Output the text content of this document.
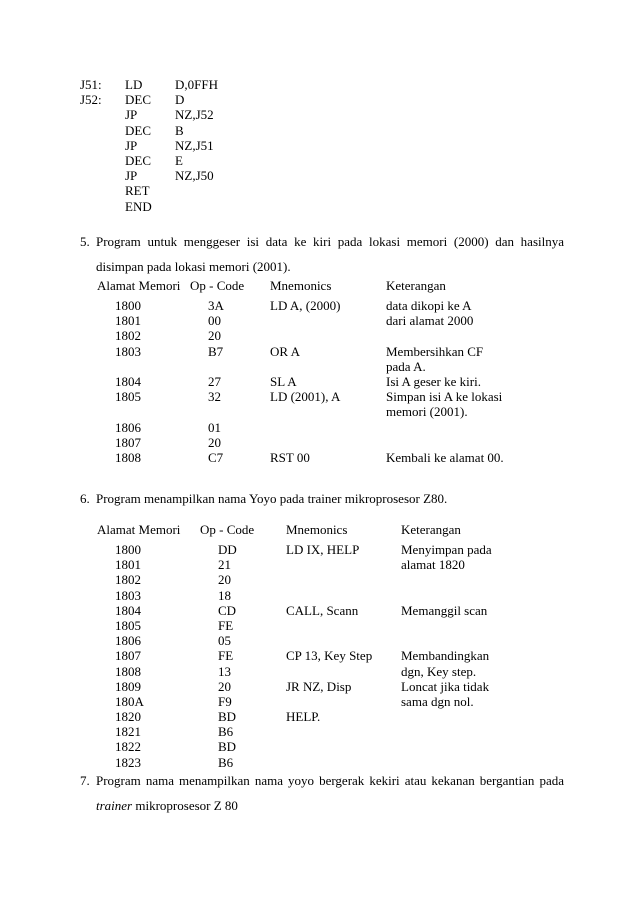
J51:
J52:
LD
DEC
JP
DEC
JP
DEC
JP
RET
END
D,0FFH
D
NZ,J52
B
NZ,J51
E
NZ,J50
5. Program untuk menggeser isi data ke kiri pada lokasi memori (2000) dan hasilnya
disimpan pada lokasi memori (2001).
Alamat Memori Op - Code Mnemonics	Keterangan
1800
1801
1802
1803
1804
1805
1806
1807
1808
3A
00
20
B7
27
32
01
20
C7
LD A, (2000)
OR A
SL A
LD (2001), A
RST 00
data dikopi ke A
dari alamat 2000
Membersihkan CF
pada A.
Isi A geser ke kiri.
Simpan isi A ke lokasi
memori (2001).
Kembali ke alamat 00.
6. Program menampilkan nama Yoyo pada trainer mikroprosesor Z80.
Alamat Memori Op - Code Mnemonics	Keterangan
1800
1801
1802
1803
1804
1805
1806
1807
1808
1809
180A
1820
1821
1822
1823
DD
21
20
18
CD
FE
05
FE
13
20
F9
BD
B6
BD
B6
LD IX, HELP
CALL, Scann
CP 13, Key Step
JR NZ, Disp
HELP.
Menyimpan pada
alamat 1820
Memanggil scan
Membandingkan
dgn, Key step.
Loncat jika tidak
sama dgn nol.
7. Program nama menampilkan nama yoyo bergerak kekiri atau kekanan bergantian pada
trainer mikroprosesor Z 80
